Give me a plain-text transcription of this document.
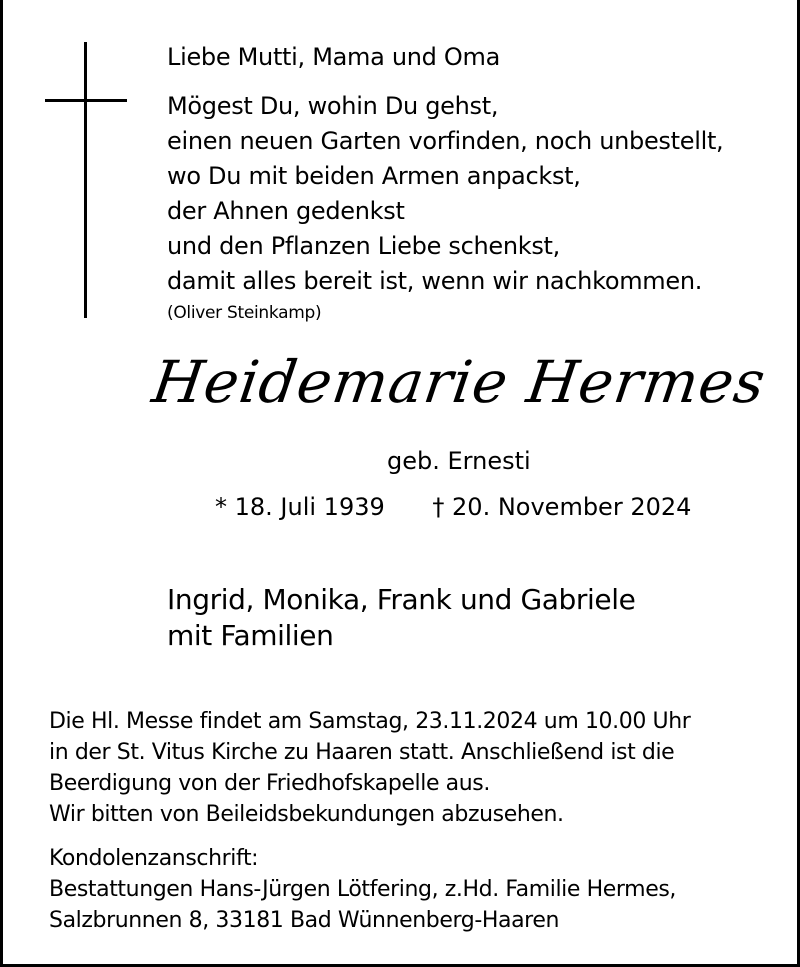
Liebe Mutti, Mama und Oma
Mögest Du, wohin Du gehst,
einen neuen Garten vorfinden, noch unbestellt,
wo Du mit beiden Armen anpackst,
der Ahnen gedenkst
und den Pflanzen Liebe schenkst,
damit alles bereit ist, wenn wir nachkommen.
(Oliver Steinkamp)
Heidemarie Hermes
geb. Ernesti
* 18. Juli 1939 † 20. November 2024
Ingrid, Monika, Frank und Gabriele
mit Familien
Die Hl. Messe findet am Samstag, 23.11.2024 um 10.00 Uhr
in der St. Vitus Kirche zu Haaren statt. Anschließend ist die
Beerdigung von der Friedhofskapelle aus.
Wir bitten von Beileidsbekundungen abzusehen.
Kondolenzanschrift:
Bestattungen Hans-Jürgen Lötfering, z.Hd. Familie Hermes,
Salzbrunnen 8, 33181 Bad Wünnenberg-Haaren
